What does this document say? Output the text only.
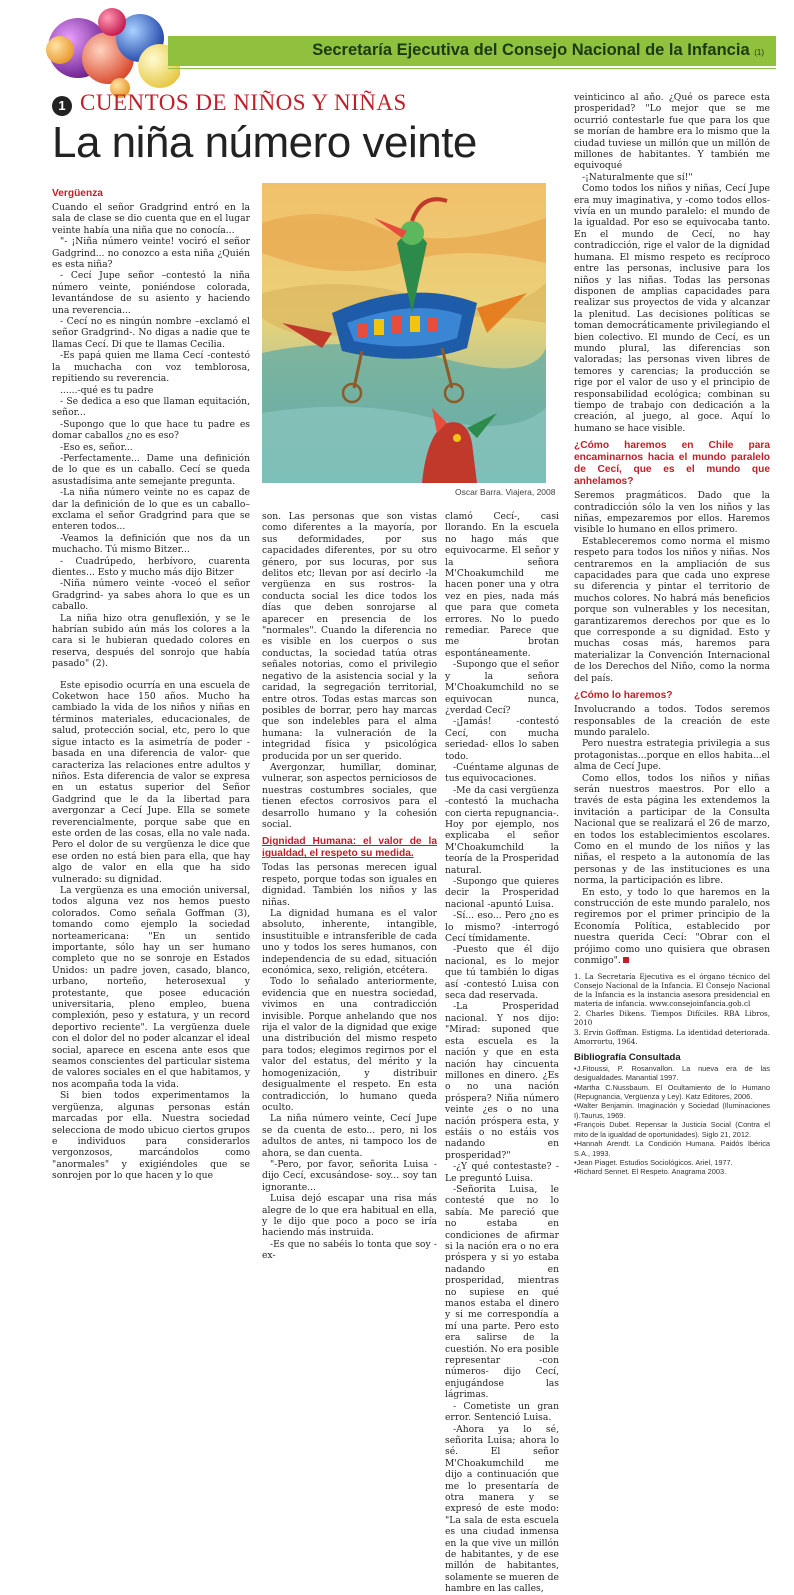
Secretaría Ejecutiva del Consejo Nacional de la Infancia (1)
1 CUENTOS DE NIÑOS Y NIÑAS
La niña número veinte
Oscar Barra. Viajera, 2008
Vergüenza

Cuando el señor Gradgrind entró en la sala de clase se dio cuenta que en el lugar veinte había una niña que no conocía...

"- ¡Niña número veinte! vociró el señor Gadgrind... no conozco a esta niña ¿Quién es esta niña?

- Cecí Jupe señor –contestó la niña número veinte, poniéndose colorada, levantándose de su asiento y haciendo una reverencia...

- Cecí no es ningún nombre –exclamó el señor Gradgrind-. No digas a nadie que te llamas Cecí. Di que te llamas Cecilia.

-Es papá quien me llama Cecí -contestó la muchacha con voz temblorosa, repitiendo su reverencia.

......-qué es tu padre

- Se dedica a eso que llaman equitación, señor...

-Supongo que lo que hace tu padre es domar caballos ¿no es eso?

-Eso es, señor...

-Perfectamente... Dame una definición de lo que es un caballo. Cecí se queda asustadísima ante semejante pregunta.

-La niña número veinte no es capaz de dar la definición de lo que es un caballo– exclama el señor Gradgrind para que se enteren todos...

-Veamos la definición que nos da un muchacho. Tú mismo Bitzer...

- Cuadrúpedo, herbívoro, cuarenta dientes... Esto y mucho más dijo Bitzer

-Niña número veinte -voceó el señor Gradgrind- ya sabes ahora lo que es un caballo.

La niña hizo otra genuflexión, y se le habrían subido aún más los colores a la cara si le hubieran quedado colores en reserva, después del sonrojo que había pasado" (2).

Este episodio ocurría en una escuela de Coketwon hace 150 años. Mucho ha cambiado la vida de los niños y niñas en términos materiales, educacionales, de salud, protección social, etc, pero lo que sigue intacto es la asimetría de poder -basada en una diferencia de valor- que caracteriza las relaciones entre adultos y niños. Esta diferencia de valor se expresa en un estatus superior del Señor Gadgrind que le da la libertad para avergonzar a Cecí Jupe. Ella se somete reverencialmente, porque sabe que en este orden de las cosas, ella no vale nada. Pero el dolor de su vergüenza le dice que ese orden no está bien para ella, que hay algo de valor en ella que ha sido vulnerado: su dignidad.

La vergüenza es una emoción universal, todos alguna vez nos hemos puesto colorados. Como señala Goffman (3), tomando como ejemplo la sociedad norteamericana: "En un sentido importante, sólo hay un ser humano completo que no se sonroje en Estados Unidos: un padre joven, casado, blanco, urbano, norteño, heterosexual y protestante, que posee educación universitaria, pleno empleo, buena complexión, peso y estatura, y un record deportivo reciente". La vergüenza duele con el dolor del no poder alcanzar el ideal social, aparece en escena ante esos que seamos conscientes del particular sistema de valores sociales en el que habitamos, y nos acompaña toda la vida.

Si bien todos experimentamos la vergüenza, algunas personas están marcadas por ella. Nuestra sociedad selecciona de modo ubicuo ciertos grupos e individuos para considerarlos vergonzosos, marcándolos como "anormales" y exigiéndoles que se sonrojen por lo que hacen y lo que

son. Las personas que son vistas como diferentes a la mayoría, por sus deformidades, por sus capacidades diferentes, por su otro género, por sus locuras, por sus delitos etc; llevan por así decirlo -la vergüenza en sus rostros- la conducta social les dice todos los días que deben sonrojarse al aparecer en presencia de los "normales". Cuando la diferencia no es visible en los cuerpos o sus conductas, la sociedad tatúa otras señales notorias, como el privilegio negativo de la asistencia social y la caridad, la segregación territorial, entre otros. Todas estas marcas son posibles de borrar, pero hay marcas que son indelebles para el alma humana: la vulneración de la integridad física y psicológica producida por un ser querido.

Avergonzar, humillar, dominar, vulnerar, son aspectos perniciosos de nuestras costumbres sociales, que tienen efectos corrosivos para el desarrollo humano y la cohesión social.

Dignidad Humana: el valor de la igualdad, el respeto su medida.

Todas las personas merecen igual respeto, porque todas son iguales en dignidad. También los niños y las niñas.

La dignidad humana es el valor absoluto, inherente, intangible, insustituible e intransferible de cada uno y todos los seres humanos, con independencia de su edad, situación económica, sexo, religión, etcétera.

Todo lo señalado anteriormente, evidencia que en nuestra sociedad, vivimos en una contradicción invisible. Porque anhelando que nos rija el valor de la dignidad que exige una distribución del mismo respeto para todos; elegimos regirnos por el valor del estatus, del mérito y la homogenización, y distribuir desigualmente el respeto. En esta contradicción, lo humano queda oculto.

La niña número veinte, Cecí Jupe se da cuenta de esto... pero, ni los adultos de antes, ni tampoco los de ahora, se dan cuenta.

"-Pero, por favor, señorita Luisa -dijo Cecí, excusándose- soy... soy tan ignorante...

Luisa dejó escapar una risa más alegre de lo que era habitual en ella, y le dijo que poco a poco se iría haciendo más instruida.

-Es que no sabéis lo tonta que soy -ex-

clamó Cecí-, casi llorando. En la escuela no hago más que equivocarme. El señor y la señora M'Choakumchild me hacen poner una y otra vez en pies, nada más que para que cometa errores. No lo puedo remediar. Parece que me brotan espontáneamente.

-Supongo que el señor y la señora M'Choakumchild no se equivocan nunca, ¿verdad Cecí?

-¡Jamás! -contestó Cecí, con mucha seriedad- ellos lo saben todo.

-Cuéntame algunas de tus equivocaciones.

-Me da casi vergüenza -contestó la muchacha con cierta repugnancia-. Hoy por ejemplo, nos explicaba el señor M'Choakumchild la teoría de la Prosperidad natural.

-Supongo que quieres decir la Prosperidad nacional -apuntó Luisa.

-Sí... eso... Pero ¿no es lo mismo? -interrogó Cecí tímidamente.

-Puesto que él dijo nacional, es lo mejor que tú también lo digas así -contestó Luisa con seca dad reservada.

-La Prosperidad nacional. Y nos dijo: "Mirad: suponed que esta escuela es la nación y que en esta nación hay cincuenta millones en dinero. ¿Es o no una nación próspera? Niña número veinte ¿es o no una nación próspera esta, y estáis o no estáis vos nadando en prosperidad?"

-¿Y qué contestaste? - Le preguntó Luisa.

-Señorita Luisa, le contesté que no lo sabía. Me pareció que no estaba en condiciones de afirmar si la nación era o no era próspera y si yo estaba nadando en prosperidad, mientras no supiese en qué manos estaba el dinero y si me correspondía a mí una parte. Pero esto era salirse de la cuestión. No era posible representar -con números- dijo Cecí, enjugándose las lágrimas.

- Cometiste un gran error. Sentenció Luisa.

-Ahora ya lo sé, señorita Luisa; ahora lo sé. El señor M'Choakumchild me dijo a continuación que me lo presentaría de otra manera y se expresó de este modo: "La sala de esta escuela es una ciudad inmensa en la que vive un millón de habitantes, y de ese millón de habitantes, solamente se mueren de hambre en las calles,

veinticinco al año. ¿Qué os parece esta prosperidad? "Lo mejor que se me ocurrió contestarle fue que para los que se morían de hambre era lo mismo que la ciudad tuviese un millón que un millón de millones de habitantes. Y también me equivoqué

-¡Naturalmente que sí!"

Como todos los niños y niñas, Cecí Jupe era muy imaginativa, y -como todos ellos- vivía en un mundo paralelo: el mundo de la igualdad. Por eso se equivocaba tanto. En el mundo de Cecí, no hay contradicción, rige el valor de la dignidad humana. El mismo respeto es recíproco entre las personas, inclusive para los niños y las niñas. Todas las personas disponen de amplias capacidades para realizar sus proyectos de vida y alcanzar la plenitud. Las decisiones políticas se toman democráticamente privilegiando el bien colectivo. El mundo de Cecí, es un mundo plural, las diferencias son valoradas; las personas viven libres de temores y carencias; la producción se rige por el valor de uso y el principio de responsabilidad ecológica; combinan su tiempo de trabajo con dedicación a la creación, al juego, al goce. Aquí lo humano se hace visible.

¿Cómo haremos en Chile para encaminarnos hacia el mundo paralelo de Cecí, que es el mundo que anhelamos?

Seremos pragmáticos. Dado que la contradicción sólo la ven los niños y las niñas, empezaremos por ellos. Haremos visible lo humano en ellos primero.

Estableceremos como norma el mismo respeto para todos los niños y niñas. Nos centraremos en la ampliación de sus capacidades para que cada uno exprese su diferencia y pintar el territorio de muchos colores. No habrá más beneficios porque son vulnerables y los necesitan, garantizaremos derechos por que es lo que corresponde a su dignidad. Esto y muchas cosas más, haremos para materializar la Convención Internacional de los Derechos del Niño, como la norma del país.

¿Cómo lo haremos?

Involucrando a todos. Todos seremos responsables de la creación de este mundo paralelo.

Pero nuestra estrategia privilegia a sus protagonistas...porque en ellos habita...el alma de Cecí Jupe.

Como ellos, todos los niños y niñas serán nuestros maestros. Por ello a través de esta página les extendemos la invitación a participar de la Consulta Nacional que se realizará el 26 de marzo, en todos los establecimientos escolares. Como en el mundo de los niños y las niñas, el respeto a la autonomía de las personas y de las instituciones es una norma, la participación es libre.

En esto, y todo lo que haremos en la construcción de este mundo paralelo, nos regiremos por el primer principio de la Economía Política, establecido por nuestra querida Cecí: "Obrar con el prójimo como uno quisiera que obrasen conmigo".

1. La Secretaría Ejecutiva es el órgano técnico del Consejo Nacional de la Infancia. El Consejo Nacional de la Infancia es la instancia asesora presidencial en materia de infancia. www.consejoinfancia.gob.cl
2. Charles Dikens. Tiempos Difíciles. RBA Libros, 2010
3. Ervin Goffman. Estigma. La identidad deteriorada. Amorrortu, 1964.
Bibliografía Consultada
•J.Fitoussi, P. Rosanvallon. La nueva era de las desigualdades. Manantial 1997.
•Martha C.Nussbaum. El Ocultamiento de lo Humano (Repugnancia, Vergüenza y Ley). Katz Editores, 2006.
•Walter Benjamin. Imaginación y Sociedad (Iluminaciones I).Taurus, 1969.
•François Dubet. Repensar la Justicia Social (Contra el mito de la igualdad de oportunidades). Siglo 21, 2012.
•Hannah Arendt. La Condición Humana. Paidós Ibérica S.A., 1993.
•Jean Piaget. Estudios Sociológicos. Ariel, 1977.
•Richard Sennet. El Respeto. Anagrama 2003.
